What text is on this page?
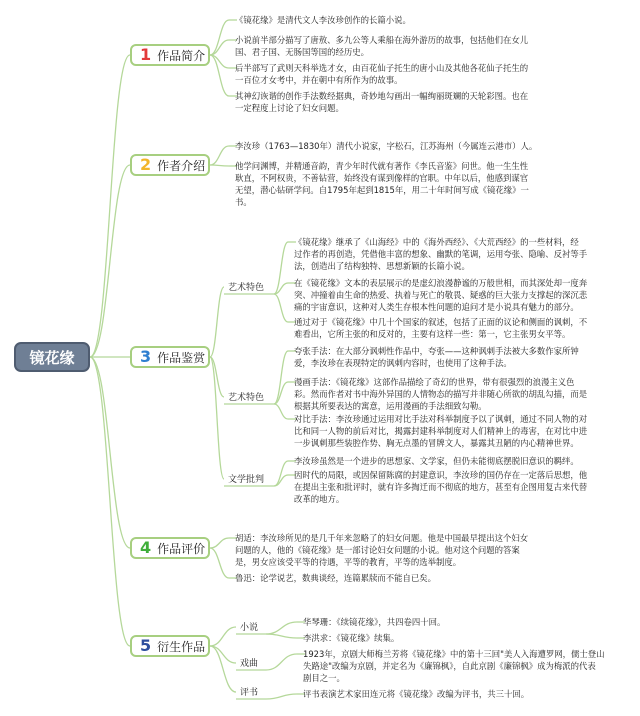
镜花缘
1 作品简介
《镜花缘》是清代文人李汝珍创作的长篇小说。
小说前半部分描写了唐敖、多九公等人乘船在海外游历的故事，包括他们在女儿
国、君子国、无肠国等国的经历史。
后半部写了武则天科举选才女，由百花仙子托生的唐小山及其他各花仙子托生的
一百位才女考中，并在朝中有所作为的故事。
其神幻诙谐的创作手法数经据典，奇妙地勾画出一幅绚丽斑斓的天轮彩图。也在
一定程度上讨论了妇女问题。
2 作者介绍
李汝珍（1763—1830年）清代小说家，字松石，江苏海州（今属连云港市）人。
他学问渊博，并精通音韵，青少年时代就有著作《李氏音鉴》问世。他一生生性
耿直，不阿权贵，不善钻营，始终没有谋到像样的官职。中年以后，他感到谋官
无望，潜心钻研学问。自1795年起到1815年，用二十年时间写成《镜花缘》一
书。
3 作品鉴赏
艺术特色
《镜花缘》继承了《山海经》中的《海外西经》、《大荒西经》的一些材料，经
过作者的再创造，凭借他丰富的想象、幽默的笔调，运用夸张、隐喻、反衬等手
法，创造出了结构独特、思想新颖的长篇小说。
在《镜花缘》文本的表层展示的是虚幻浪漫静谧的万般世相，而其深处却一度奔
突、冲撞着由生命的热爱、执着与死亡的敬畏、疑惑的巨大张力支撑起的深沉悲
痛的宇宙意识，这种对人类生存根本性问题的追问才是小说具有魅力的部分。
通过对于《镜花缘》中几十个国家的叙述，包括了正面的议论和侧面的讽刺，不
难看出，它所主张的和反对的，主要有这样一些：第一，它主张男女平等。
艺术特色
夸张手法：在大部分讽刺性作品中，夸张——这种讽刺手法被大多数作家所钟
爱，李汝珍在表现特定的讽刺内容时，也使用了这种手法。
漫画手法：《镜花缘》这部作品描绘了奇幻的世界，带有很强烈的浪漫主义色
彩。然而作者对书中海外异国的人情物态的描写并非随心所欲的胡乱勾描，而是
根据其所要表达的寓意，运用漫画的手法细致勾勒。
对比手法：李汝珍通过运用对比手法对科举制度予以了讽刺，通过不同人物的对
比和同一人物的前后对比，揭露封建科举制度对人们精神上的毒害，在对比中进
一步讽刺那些装腔作势、胸无点墨的冒牌文人，暴露其丑陋的内心精神世界。
文学批判
李汝珍虽然是一个进步的思想家、文学家，但仍未能彻底摆脱旧意识的羁绊。
因时代的局限，或因保留陈腐的封建意识，李汝珍的国仍存在一定落后思想，他
在提出主张和批评时，就有许多掏迁而不彻底的地方，甚至有企图用复古来代替
改革的地方。
4 作品评价
胡适：李汝珍所见的是几千年来忽略了的妇女问题。他是中国最早提出这个妇女
问题的人，他的《镜花缘》是一部讨论妇女问题的小说。他对这个问题的答案
是，男女应该受平等的待遇，平等的教育，平等的选举制度。
鲁迅：论学说艺，数典谈经，连篇累牍而不能自已矣。
5 衍生作品
小说
华琴珊：《续镜花缘》，共四卷四十回。
李洪求：《镜花缘》续集。
戏曲
1923年，京剧大师梅兰芳将《镜花缘》中的第十三回"美人入海遭罗网，儒士登山
失路途"改编为京剧，并定名为《廉锦枫》，自此京剧《廉锦枫》成为梅派的代表
剧目之一。
评书	评书表演艺术家田连元将《镜花缘》改编为评书，共三十回。
